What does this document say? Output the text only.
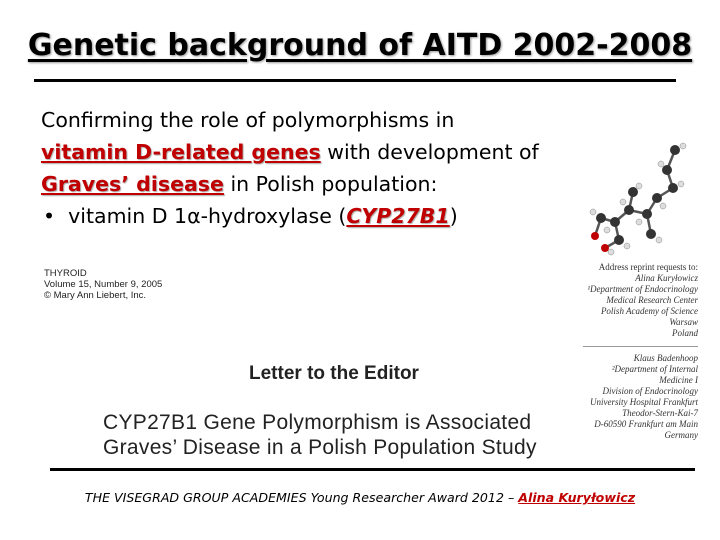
Genetic background of AITD 2002-2008
Confirming the role of polymorphisms in
vitamin D-related genes with development of
Graves’ disease in Polish population:
• vitamin D 1α-hydroxylase (CYP27B1)
THYROID
Volume 15, Number 9, 2005
© Mary Ann Liebert, Inc.
Address reprint requests to:
Alina Kuryłowicz
¹Department of Endocrinology
Medical Research Center
Polish Academy of Science
Warsaw
Poland
Klaus Badenhoop
²Department of Internal Medicine I
Division of Endocrinology
University Hospital Frankfurt
Theodor-Stern-Kai-7
D-60590 Frankfurt am Main
Germany
Letter to the Editor
CYP27B1 Gene Polymorphism is Associated
Graves’ Disease in a Polish Population Study
THE VISEGRAD GROUP ACADEMIES Young Researcher Award 2012 – Alina Kuryłowicz
